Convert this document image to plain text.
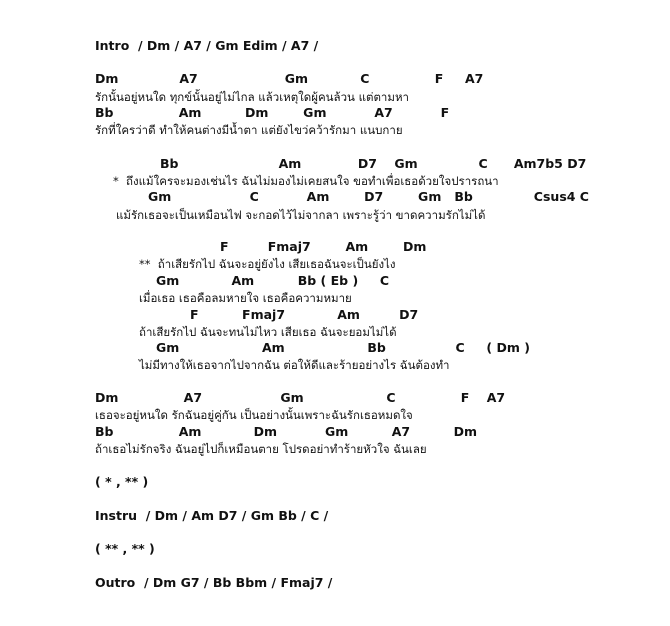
Intro  / Dm / A7 / Gm Edim / A7 /
Dm              A7                    Gm            C               F     A7
รักนั้นอยู่หนใด ทุกข์นั้นอยู่ไม่ไกล แล้วเหตุใดผู้คนล้วน แต่ตามหา
Bb               Am          Dm        Gm           A7           F
รักที่ใครว่าดี ทำให้คนต่างมีน้ำตา แต่ยังไขว่คว้ารักมา แนบกาย
Bb                       Am             D7    Gm              C      Am7b5 D7
*  ถึงแม้ใครจะมองเช่นไร ฉันไม่มองไม่เคยสนใจ ขอทำเพื่อเธอด้วยใจปรารถนา
Gm                  C           Am        D7        Gm   Bb              Csus4 C
แม้รักเธอจะเป็นเหมือนไฟ จะกอดไว้ไม่จากลา เพราะรู้ว่า ขาดความรักไม่ได้
F         Fmaj7        Am        Dm
**  ถ้าเสียรักไป ฉันจะอยู่ยังไง เสียเธอฉันจะเป็นยังไง
Gm            Am          Bb ( Eb )     C
เมื่อเธอ เธอคือลมหายใจ เธอคือความหมาย
F          Fmaj7            Am         D7
ถ้าเสียรักไป ฉันจะทนไม่ไหว เสียเธอ ฉันจะยอมไม่ได้
Gm                   Am                   Bb                C     ( Dm )
ไม่มีทางให้เธอจากไปจากฉัน ต่อให้ดีและร้ายอย่างไร ฉันต้องทำ
Dm               A7                  Gm                   C               F    A7
เธอจะอยู่หนใด รักฉันอยู่คู่กัน เป็นอย่างนั้นเพราะฉันรักเธอหมดใจ
Bb               Am            Dm           Gm          A7          Dm
ถ้าเธอไม่รักจริง ฉันอยู่ไปก็เหมือนตาย โปรดอย่าทำร้ายหัวใจ ฉันเลย
( * , ** )
Instru  / Dm / Am D7 / Gm Bb / C /
( ** , ** )
Outro  / Dm G7 / Bb Bbm / Fmaj7 /
